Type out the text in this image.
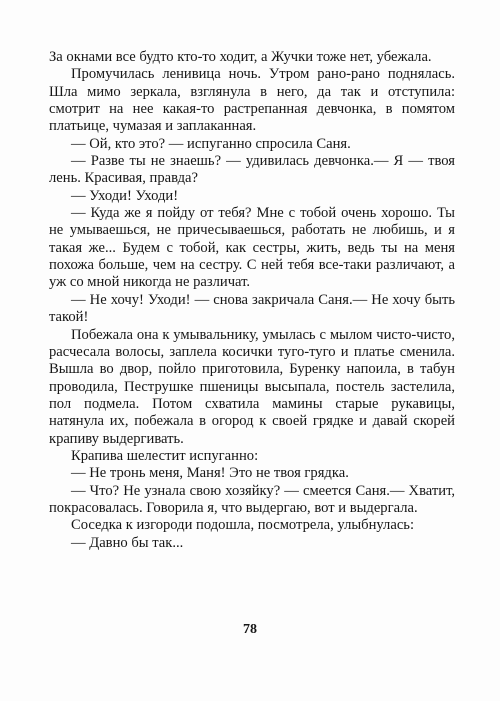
За окнами все будто кто-то ходит, а Жучки тоже нет, убежала.

Промучилась ленивица ночь. Утром рано-рано поднялась. Шла мимо зеркала, взглянула в него, да так и отступила: смотрит на нее какая-то растрепанная девчонка, в помятом платьице, чумазая и заплаканная.

— Ой, кто это? — испуганно спросила Саня.

— Разве ты не знаешь? — удивилась девчонка.— Я — твоя лень. Красивая, правда?

— Уходи! Уходи!

— Куда же я пойду от тебя? Мне с тобой очень хорошо. Ты не умываешься, не причесываешься, работать не любишь, и я такая же... Будем с тобой, как сестры, жить, ведь ты на меня похожа больше, чем на сестру. С ней тебя все-таки различают, а уж со мной никогда не различат.

— Не хочу! Уходи! — снова закричала Саня.— Не хочу быть такой!

Побежала она к умывальнику, умылась с мылом чисто-чисто, расчесала волосы, заплела косички туго-туго и платье сменила. Вышла во двор, пойло приготовила, Буренку напоила, в табун проводила, Пеструшке пшеницы высыпала, постель застелила, пол подмела. Потом схватила мамины старые рукавицы, натянула их, побежала в огород к своей грядке и давай скорей крапиву выдергивать.

Крапива шелестит испуганно:

— Не тронь меня, Маня! Это не твоя грядка.

— Что? Не узнала свою хозяйку? — смеется Саня.— Хватит, покрасовалась. Говорила я, что выдергаю, вот и выдергала.

Соседка к изгороди подошла, посмотрела, улыбнулась:

— Давно бы так...

78
